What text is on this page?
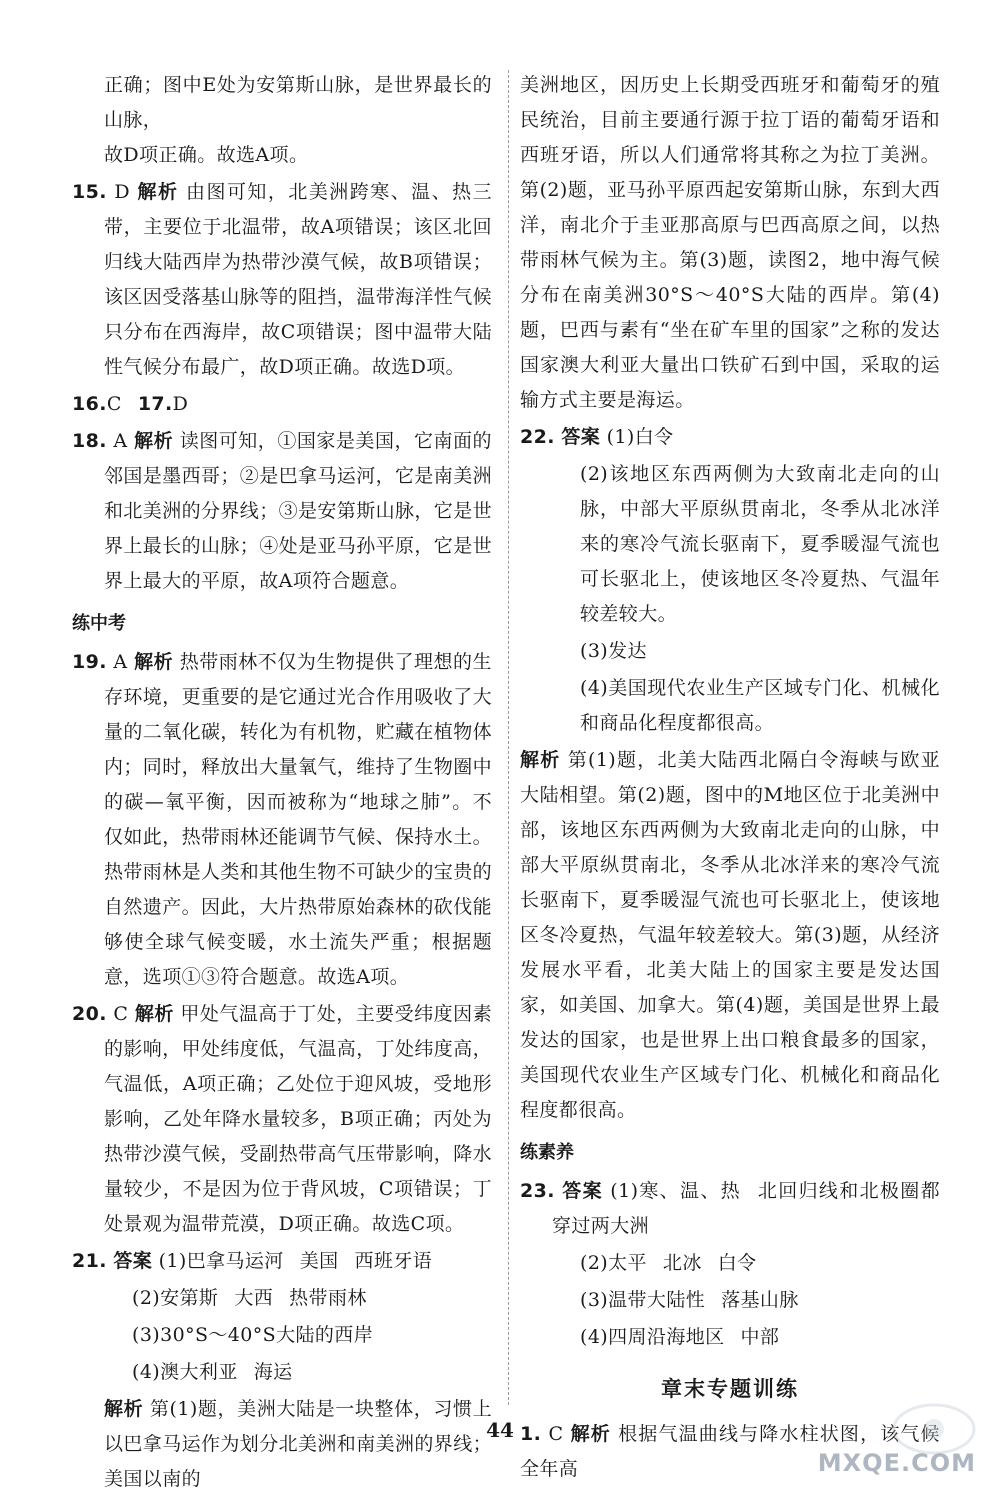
正确；图中E处为安第斯山脉，是世界最长的山脉，
故D项正确。故选A项。

15. D 解析 由图可知，北美洲跨寒、温、热三带，主要位于北温带，故A项错误；该区北回归线大陆西岸为热带沙漠气候，故B项错误；该区因受落基山脉等的阻挡，温带海洋性气候只分布在西海岸，故C项错误；图中温带大陆性气候分布最广，故D项正确。故选D项。

16.C 17.D

18. A 解析 读图可知，①国家是美国，它南面的邻国是墨西哥；②是巴拿马运河，它是南美洲和北美洲的分界线；③是安第斯山脉，它是世界上最长的山脉；④处是亚马孙平原，它是世界上最大的平原，故A项符合题意。

练中考

19. A 解析 热带雨林不仅为生物提供了理想的生存环境，更重要的是它通过光合作用吸收了大量的二氧化碳，转化为有机物，贮藏在植物体内；同时，释放出大量氧气，维持了生物圈中的碳—氧平衡，因而被称为“地球之肺”。不仅如此，热带雨林还能调节气候、保持水土。热带雨林是人类和其他生物不可缺少的宝贵的自然遗产。因此，大片热带原始森林的砍伐能够使全球气候变暖，水土流失严重；根据题意，选项①③符合题意。故选A项。

20. C 解析 甲处气温高于丁处，主要受纬度因素的影响，甲处纬度低，气温高，丁处纬度高，气温低，A项正确；乙处位于迎风坡，受地形影响，乙处年降水量较多，B项正确；丙处为热带沙漠气候，受副热带高气压带影响，降水量较少，不是因为位于背风坡，C项错误；丁处景观为温带荒漠，D项正确。故选C项。

21. 答案 (1)巴拿马运河 美国 西班牙语

(2)安第斯 大西 热带雨林

(3)30°S～40°S大陆的西岸

(4)澳大利亚 海运

解析 第(1)题，美洲大陆是一块整体，习惯上以巴拿马运作为划分北美洲和南美洲的界线；美国以南的

美洲地区，因历史上长期受西班牙和葡萄牙的殖民统治，目前主要通行源于拉丁语的葡萄牙语和西班牙语，所以人们通常将其称之为拉丁美洲。第(2)题，亚马孙平原西起安第斯山脉，东到大西洋，南北介于圭亚那高原与巴西高原之间，以热带雨林气候为主。第(3)题，读图2，地中海气候分布在南美洲30°S～40°S大陆的西岸。第(4)题，巴西与素有“坐在矿车里的国家”之称的发达国家澳大利亚大量出口铁矿石到中国，采取的运输方式主要是海运。

22. 答案 (1)白令

(2)该地区东西两侧为大致南北走向的山脉，中部大平原纵贯南北，冬季从北冰洋来的寒冷气流长驱南下，夏季暖湿气流也可长驱北上，使该地区冬冷夏热、气温年较差较大。

(3)发达

(4)美国现代农业生产区域专门化、机械化和商品化程度都很高。

解析 第(1)题，北美大陆西北隔白令海峡与欧亚大陆相望。第(2)题，图中的M地区位于北美洲中部，该地区东西两侧为大致南北走向的山脉，中部大平原纵贯南北，冬季从北冰洋来的寒冷气流长驱南下，夏季暖湿气流也可长驱北上，使该地区冬冷夏热，气温年较差较大。第(3)题，从经济发展水平看，北美大陆上的国家主要是发达国家，如美国、加拿大。第(4)题，美国是世界上最发达的国家，也是世界上出口粮食最多的国家，美国现代农业生产区域专门化、机械化和商品化程度都很高。

练素养

23. 答案 (1)寒、温、热 北回归线和北极圈都穿过两大洲

(2)太平 北冰 白令

(3)温带大陆性 落基山脉

(4)四周沿海地区 中部

章末专题训练

1. C 解析 根据气温曲线与降水柱状图，该气候全年高

44
MXQE.COM
